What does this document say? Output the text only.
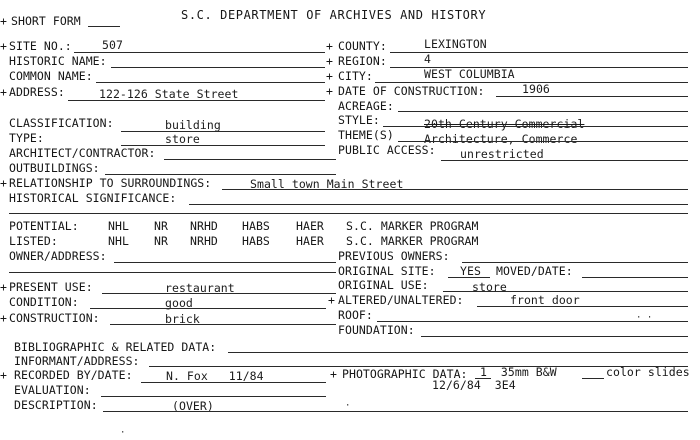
+ SHORT FORM	S.C. DEPARTMENT OF ARCHIVES AND HISTORY
+ SITE NO.:	507
HISTORIC NAME:
COMMON NAME:
+ ADDRESS:	122-126 State Street
+ COUNTY:	LEXINGTON
+ REGION:	4
+ CITY:	WEST COLUMBIA
+ DATE OF CONSTRUCTION:	1906
ACREAGE:
CLASSIFICATION:	building
TYPE:	store
ARCHITECT/CONTRACTOR:
OUTBUILDINGS:
STYLE:	20th Century Commercial
THEME(S)	Architecture, Commerce
PUBLIC ACCESS: unrestricted
+ RELATIONSHIP TO SURROUNDINGS:	Small town Main Street
HISTORICAL SIGNIFICANCE:
POTENTIAL:	NHL NR NRHD HABS HAER S.C. MARKER PROGRAM
LISTED:	NHL NR NRHD HABS HAER S.C. MARKER PROGRAM
OWNER/ADDRESS:	PREVIOUS OWNERS:
ORIGINAL SITE: YES MOVED/DATE:
+ PRESENT USE:	restaurant	ORIGINAL USE:	store
CONDITION:	good	+ ALTERED/UNALTERED:	front door
+ CONSTRUCTION:	brick	ROOF:	· ·
FOUNDATION:
BIBLIOGRAPHIC & RELATED DATA:
INFORMANT/ADDRESS:
+ RECORDED BY/DATE:	N. Fox   11/84	+ PHOTOGRAPHIC DATA: 1  35mm B&W	color slides
12/6/84  3E4
EVALUATION:
DESCRIPTION:	(OVER)	·
·
